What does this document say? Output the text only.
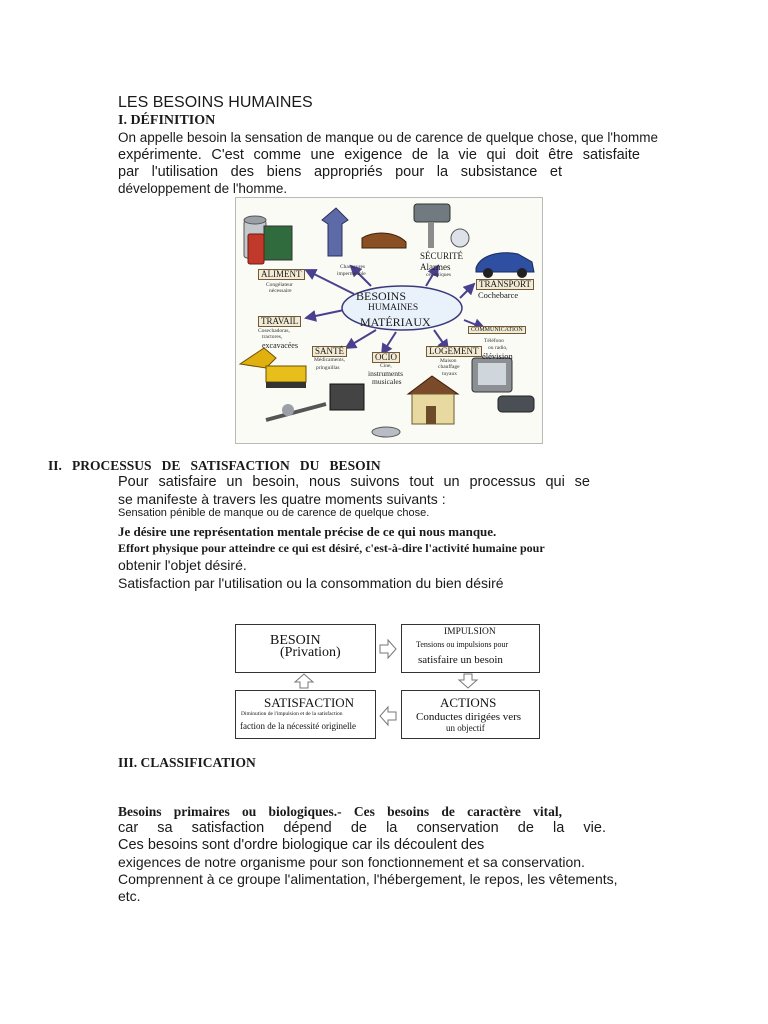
LES BESOINS HUMAINES
I. DÉFINITION
On appelle besoin la sensation de manque ou de carence de quelque chose, que l'homme
expérimente. C'est comme une exigence de la vie qui doit être satisfaite
par l'utilisation des biens appropriés pour la subsistance et
développement de l'homme.
BESOINS
HUMAINES
MATÉRIAUX
ALIMENT
Congélateur
nécessaire
Chaussures
imperméable
SÉCURITÉ
Alarmes
ceramiques
TRANSPORT
Cochebarce
TRAVAIL
Cosechadoras,
tractores,
excavacées
COMMUNICATION
Téléfono
ou radio,
élévision
SANTÉ
Médicaments,
pringuillas
OCIO
Cine,
instruments
musicales
LOGEMENT
Maison
chauffage
tuyaux
II.   PROCESSUS   DE   SATISFACTION   DU   BESOIN
Pour satisfaire un besoin, nous suivons tout un processus qui se
se manifeste à travers les quatre moments suivants :
Sensation pénible de manque ou de carence de quelque chose.
Je désire une représentation mentale précise de ce qui nous manque.
Effort physique pour atteindre ce qui est désiré, c'est-à-dire l'activité humaine pour
obtenir l'objet désiré.
Satisfaction par l'utilisation ou la consommation du bien désiré
BESOIN
(Privation)
IMPULSION
Tensions ou impulsions pour
satisfaire un besoin
SATISFACTION
Diminution de l'impulsion et de la satisfaction
faction de la nécessité originelle
ACTIONS
Conductes dirigées vers
un objectif
III. CLASSIFICATION
Besoins primaires ou biologiques.- Ces besoins de caractère vital,
car sa satisfaction dépend de la conservation de la vie.
Ces besoins sont d'ordre biologique car ils découlent des
exigences de notre organisme pour son fonctionnement et sa conservation.
Comprennent à ce groupe l'alimentation, l'hébergement, le repos, les vêtements,
etc.
